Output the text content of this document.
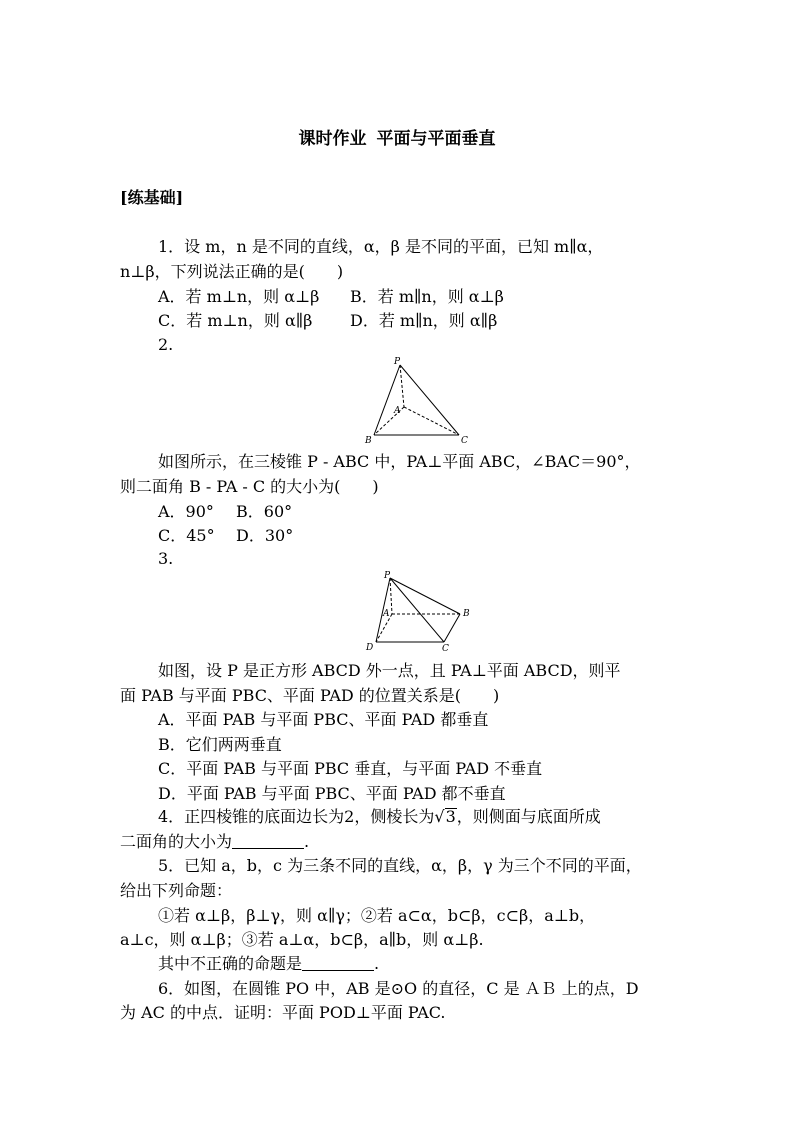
课时作业 平面与平面垂直
[练基础]
1．设 m，n 是不同的直线，α，β 是不同的平面，已知 m∥α，
n⊥β，下列说法正确的是(　　)
A．若 m⊥n，则 α⊥β B．若 m∥n，则 α⊥β
C．若 m⊥n，则 α∥β D．若 m∥n，则 α∥β
2.
P
A
B	C
如图所示，在三棱锥 P - ABC 中，PA⊥平面 ABC，∠BAC＝90°，
则二面角 B - PA - C 的大小为(　　)
A．90° B．60°
C．45° D．30°
3.
P
A	B
C
D
如图，设 P 是正方形 ABCD 外一点，且 PA⊥平面 ABCD，则平
面 PAB 与平面 PBC、平面 PAD 的位置关系是(　　)
A．平面 PAB 与平面 PBC、平面 PAD 都垂直
B．它们两两垂直
C．平面 PAB 与平面 PBC 垂直，与平面 PAD 不垂直
D．平面 PAB 与平面 PBC、平面 PAD 都不垂直
4．正四棱锥的底面边长为2，侧棱长为√3，则侧面与底面所成
二面角的大小为	.
5．已知 a，b，c 为三条不同的直线，α，β，γ 为三个不同的平面，
给出下列命题：
①若 α⊥β，β⊥γ，则 α∥γ；②若 a⊂α，b⊂β，c⊂β，a⊥b，
a⊥c，则 α⊥β；③若 a⊥α，b⊂β，a∥b，则 α⊥β.
其中不正确的命题是	.
6．如图，在圆锥 PO 中，AB 是⊙O 的直径，C 是 ＡＢ 上的点，D
为 AC 的中点．证明：平面 POD⊥平面 PAC.
